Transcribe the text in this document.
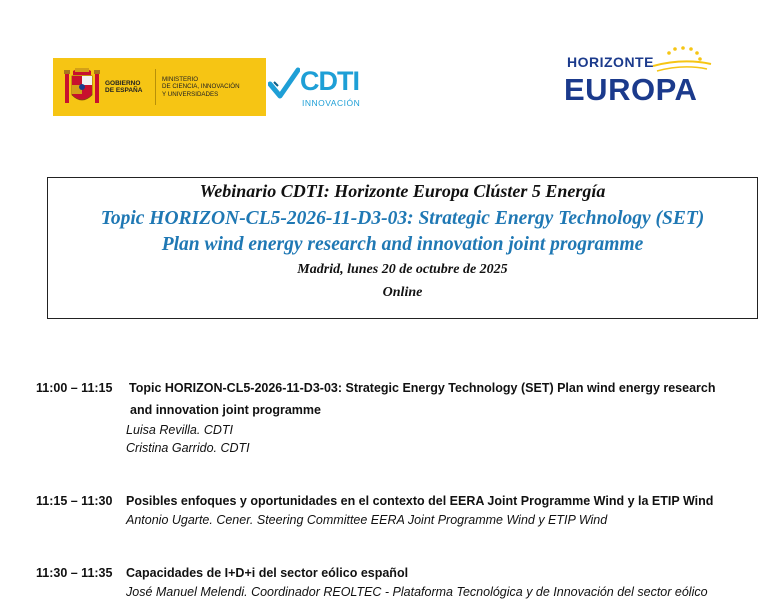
GOBIERNO
DE ESPAÑA
MINISTERIO
DE CIENCIA, INNOVACIÓN
Y UNIVERSIDADES	CDTI
INNOVACIÓN
HORIZONTE
EUROPA
Webinario CDTI: Horizonte Europa Clúster 5 Energía
Topic HORIZON-CL5-2026-11-D3-03: Strategic Energy Technology (SET)
Plan wind energy research and innovation joint programme
Madrid, lunes 20 de octubre de 2025
Online
11:00 – 11:15 Topic HORIZON-CL5-2026-11-D3-03: Strategic Energy Technology (SET) Plan wind energy research
and innovation joint programme
Luisa Revilla. CDTI
Cristina Garrido. CDTI
11:15 – 11:30 Posibles enfoques y oportunidades en el contexto del EERA Joint Programme Wind y la ETIP Wind
Antonio Ugarte. Cener. Steering Committee EERA Joint Programme Wind y ETIP Wind
11:30 – 11:35 Capacidades de I+D+i del sector eólico español
José Manuel Melendi. Coordinador REOLTEC - Plataforma Tecnológica y de Innovación del sector eólico
